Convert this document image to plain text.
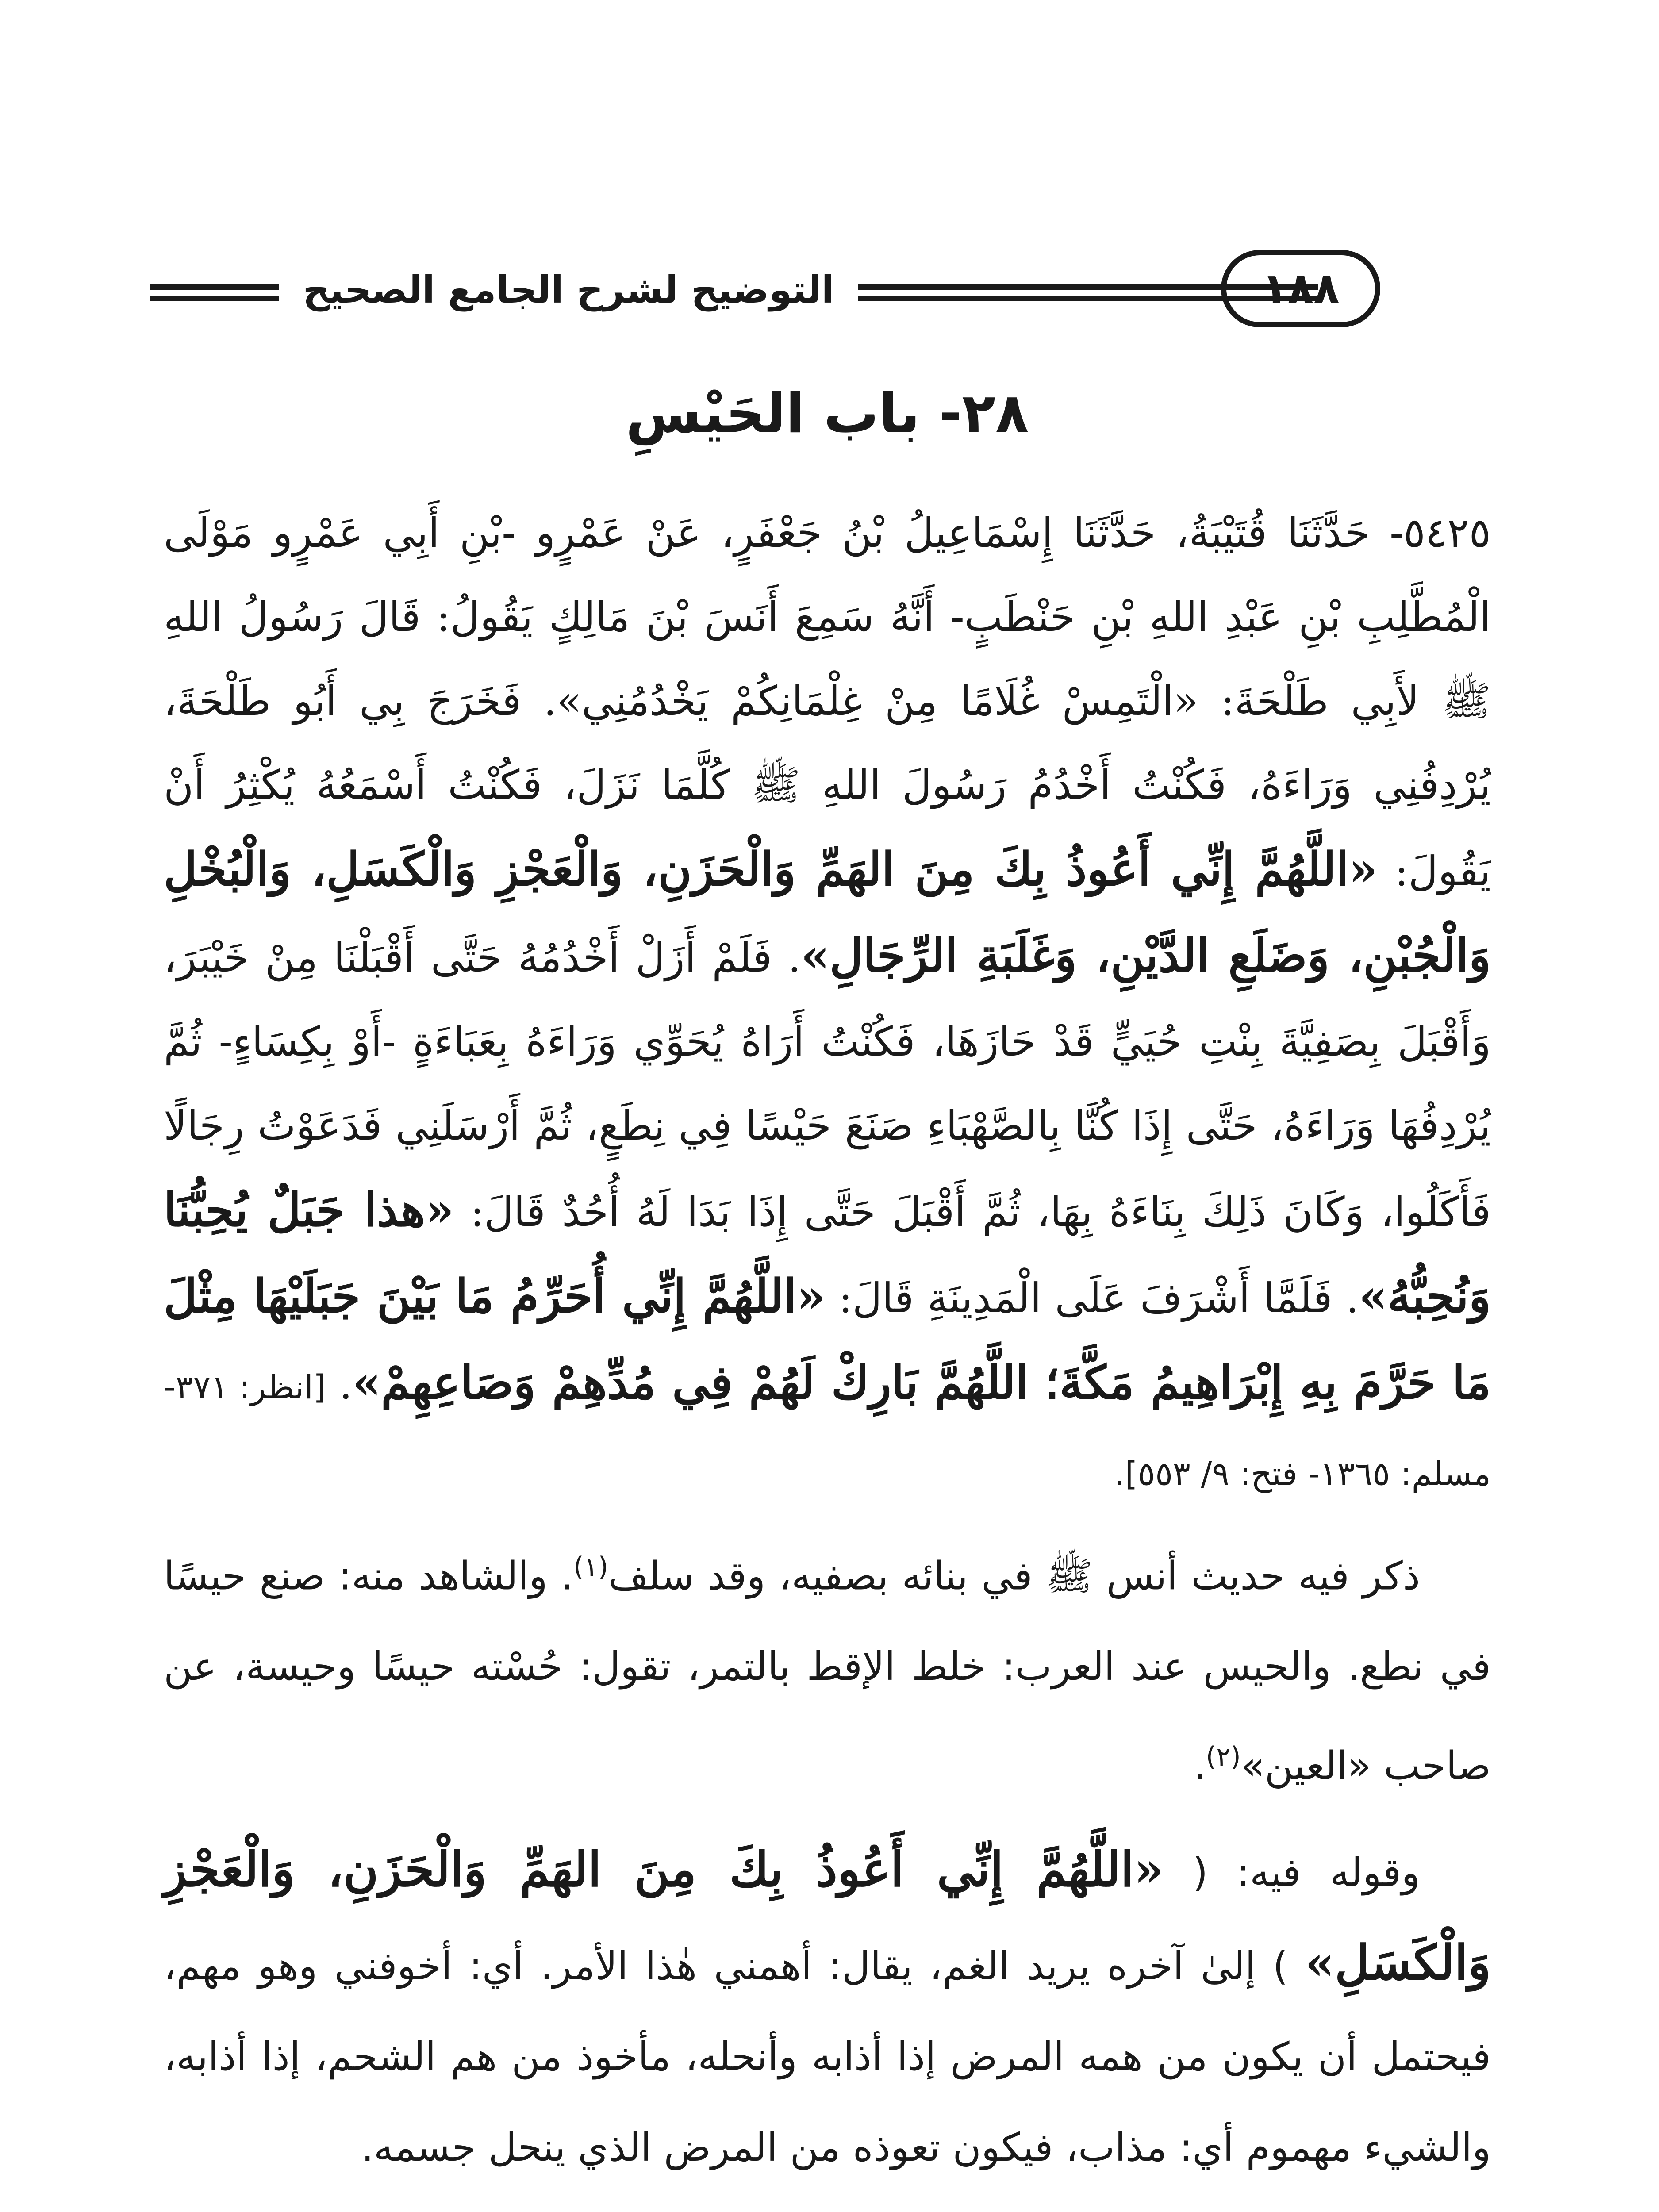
التوضيح لشرح الجامع الصحيح	١٨٨
٢٨- باب الحَيْسِ
٥٤٢٥- حَدَّثَنَا قُتَيْبَةُ، حَدَّثَنَا إِسْمَاعِيلُ بْنُ جَعْفَرٍ، عَنْ عَمْرٍو -بْنِ أَبِي عَمْرٍو مَوْلَى الْمُطَّلِبِ بْنِ عَبْدِ اللهِ بْنِ حَنْطَبٍ- أَنَّهُ سَمِعَ أَنَسَ بْنَ مَالِكٍ يَقُولُ: قَالَ رَسُولُ اللهِ ﷺ لأَبِي طَلْحَةَ: «الْتَمِسْ غُلَامًا مِنْ غِلْمَانِكُمْ يَخْدُمُنِي». فَخَرَجَ بِي أَبُو طَلْحَةَ، يُرْدِفُنِي وَرَاءَهُ، فَكُنْتُ أَخْدُمُ رَسُولَ اللهِ ﷺ كُلَّمَا نَزَلَ، فَكُنْتُ أَسْمَعُهُ يُكْثِرُ أَنْ يَقُولَ: «اللَّهُمَّ إِنِّي أَعُوذُ بِكَ مِنَ الهَمِّ وَالْحَزَنِ، وَالْعَجْزِ وَالْكَسَلِ، وَالْبُخْلِ وَالْجُبْنِ، وَضَلَعِ الدَّيْنِ، وَغَلَبَةِ الرِّجَالِ». فَلَمْ أَزَلْ أَخْدُمُهُ حَتَّى أَقْبَلْنَا مِنْ خَيْبَرَ، وَأَقْبَلَ بِصَفِيَّةَ بِنْتِ حُيَيٍّ قَدْ حَازَهَا، فَكُنْتُ أَرَاهُ يُحَوِّي وَرَاءَهُ بِعَبَاءَةٍ -أَوْ بِكِسَاءٍ- ثُمَّ يُرْدِفُهَا وَرَاءَهُ، حَتَّى إِذَا كُنَّا بِالصَّهْبَاءِ صَنَعَ حَيْسًا فِي نِطَعٍ، ثُمَّ أَرْسَلَنِي فَدَعَوْتُ رِجَالًا فَأَكَلُوا، وَكَانَ ذَلِكَ بِنَاءَهُ بِهَا، ثُمَّ أَقْبَلَ حَتَّى إِذَا بَدَا لَهُ أُحُدٌ قَالَ: «هذا جَبَلٌ يُحِبُّنَا وَنُحِبُّهُ». فَلَمَّا أَشْرَفَ عَلَى الْمَدِينَةِ قَالَ: «اللَّهُمَّ إِنِّي أُحَرِّمُ مَا بَيْنَ جَبَلَيْهَا مِثْلَ مَا حَرَّمَ بِهِ إِبْرَاهِيمُ مَكَّةَ؛ اللَّهُمَّ بَارِكْ لَهُمْ فِي مُدِّهِمْ وَصَاعِهِمْ». [انظر: ٣٧١- مسلم: ١٣٦٥- فتح: ٩/ ٥٥٣].

ذكر فيه حديث أنس ﷺ في بنائه بصفيه، وقد سلف$^{(١)}$. والشاهد منه: صنع حيسًا في نطع. والحيس عند العرب: خلط الإقط بالتمر، تقول: حُسْته حيسًا وحيسة، عن صاحب «العين»$^{(٢)}$.

وقوله فيه: ( «اللَّهُمَّ إِنِّي أَعُوذُ بِكَ مِنَ الهَمِّ وَالْحَزَنِ، وَالْعَجْزِ وَالْكَسَلِ» ) إلىٰ آخره يريد الغم، يقال: أهمني هٰذا الأمر. أي: أخوفني وهو مهم، فيحتمل أن يكون من همه المرض إذا أذابه وأنحله، مأخوذ من هم الشحم، إذا أذابه، والشيء مهموم أي: مذاب، فيكون تعوذه من المرض الذي ينحل جسمه.
